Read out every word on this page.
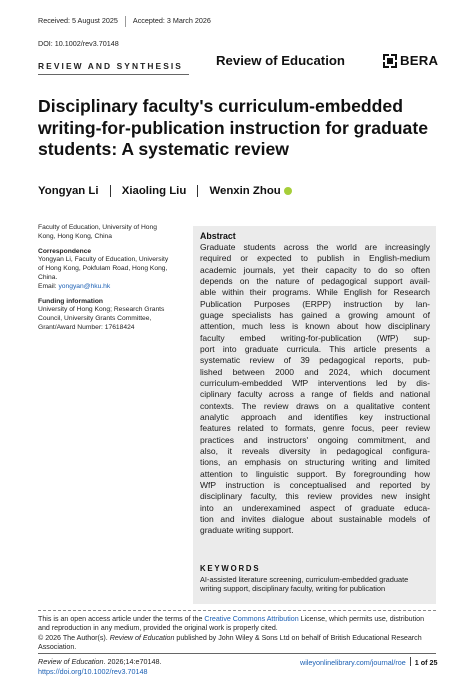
Received: 5 August 2025 Accepted: 3 March 2026
DOI: 10.1002/rev3.70148
REVIEW AND SYNTHESIS	Review of Education	BERA
Disciplinary faculty's curriculum-embedded
writing-for-publication instruction for graduate
students: A systematic review
Yongyan Li Xiaoling Liu Wenxin Zhou
Faculty of Education, University of Hong
Kong, Hong Kong, China
Correspondence
Yongyan Li, Faculty of Education, University
of Hong Kong, Pokfulam Road, Hong Kong,
China.
Email: yongyan@hku.hk
Funding information
University of Hong Kong; Research Grants
Council, University Grants Committee,
Grant/Award Number: 17618424
Abstract
Graduate students across the world are increasingly
required or expected to publish in English-medium
academic journals, yet their capacity to do so often
depends on the nature of pedagogical support avail-
able within their programs. While English for Research
Publication Purposes (ERPP) instruction by lan-
guage specialists has gained a growing amount of
attention, much less is known about how disciplinary
faculty embed writing-for-publication (WfP) sup-
port into graduate curricula. This article presents a
systematic review of 39 pedagogical reports, pub-
lished between 2000 and 2024, which document
curriculum-embedded WfP interventions led by dis-
ciplinary faculty across a range of fields and national
contexts. The review draws on a qualitative content
analytic approach and identifies key instructional
features related to formats, genre focus, peer review
practices and instructors' ongoing commitment, and
also, it reveals diversity in pedagogical configura-
tions, an emphasis on structuring writing and limited
attention to linguistic support. By foregrounding how
WfP instruction is conceptualised and reported by
disciplinary faculty, this review provides new insight
into an underexamined aspect of graduate educa-
tion and invites dialogue about sustainable models of
graduate writing support.
KEYWORDS
AI-assisted literature screening, curriculum-embedded graduate
writing support, disciplinary faculty, writing for publication
This is an open access article under the terms of the Creative Commons Attribution License, which permits use, distribution
and reproduction in any medium, provided the original work is properly cited.
© 2026 The Author(s). Review of Education published by John Wiley & Sons Ltd on behalf of British Educational Research
Association.
Review of Education. 2026;14:e70148.
https://doi.org/10.1002/rev3.70148
wileyonlinelibrary.com/journal/roe 1 of 25
